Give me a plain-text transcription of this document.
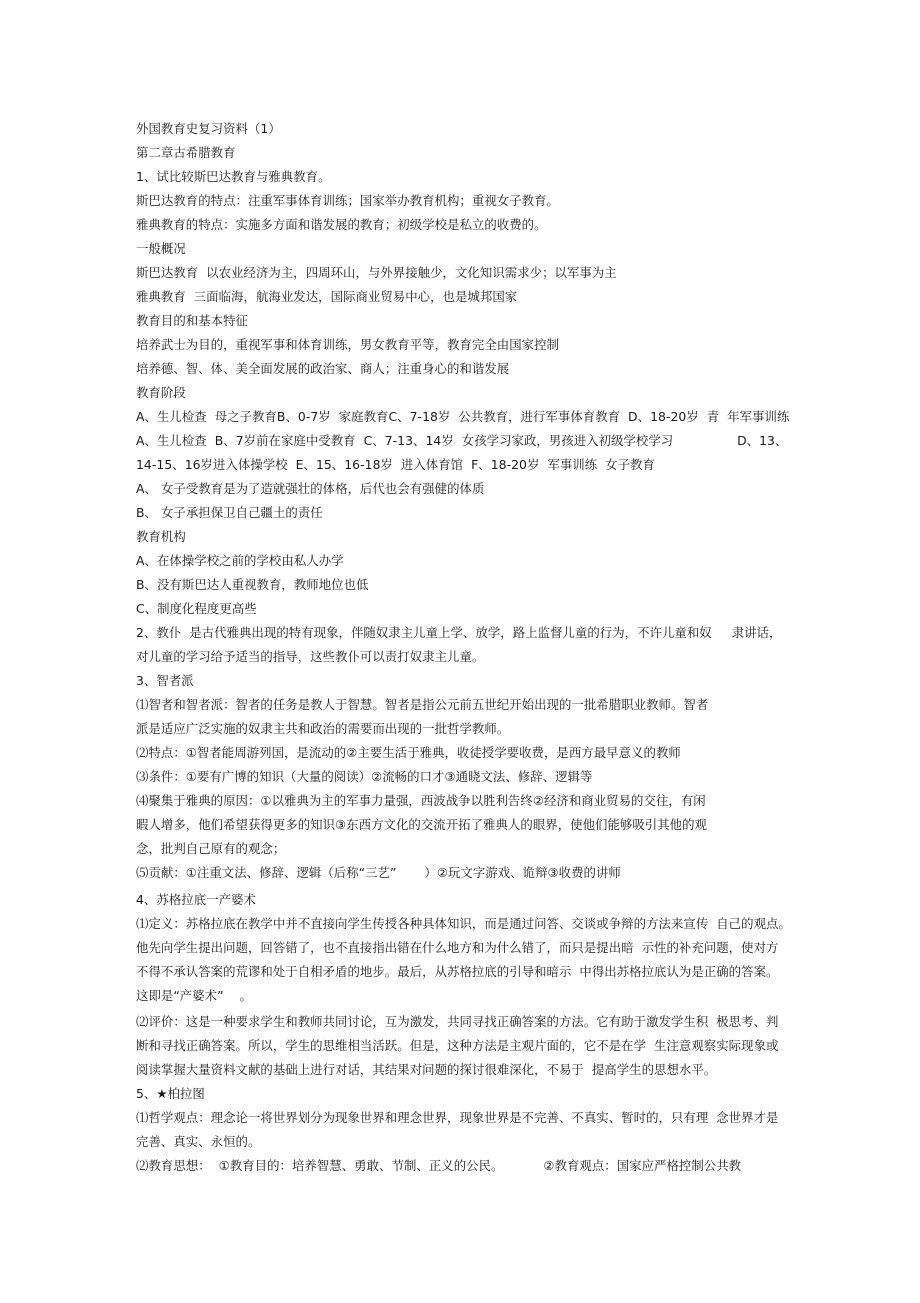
外国教育史复习资料（1）
第二章古希腊教育
1、试比较斯巴达教育与雅典教育。
斯巴达教育的特点：注重军事体育训练；国家举办教育机构；重视女子教育。
雅典教育的特点：实施多方面和谐发展的教育；初级学校是私立的收费的。
一般概况
斯巴达教育  以农业经济为主，四周环山，与外界接触少，文化知识需求少；以军事为主
雅典教育  三面临海，航海业发达，国际商业贸易中心，也是城邦国家
教育目的和基本特征
培养武士为目的，重视军事和体育训练，男女教育平等，教育完全由国家控制
培养德、智、体、美全面发展的政治家、商人；注重身心的和谐发展
教育阶段
A、生儿检查  母之子教育B、0-7岁  家庭教育C、7-18岁  公共教育，进行军事体育教育  D、18-20岁  青  年军事训练
A、生儿检查  B、7岁前在家庭中受教育  C、7-13、14岁  女孩学习家政，男孩进入初级学校学习                D、13、
14-15、16岁进入体操学校  E、15、16-18岁  进入体育馆  F、18-20岁  军事训练  女子教育
A、 女子受教育是为了造就强壮的体格，后代也会有强健的体质
B、 女子承担保卫自己疆土的责任
教育机构
A、在体操学校之前的学校由私人办学
B、没有斯巴达人重视教育，教师地位也低
C、制度化程度更高些
2、教仆  是古代雅典出现的特有现象，伴随奴隶主儿童上学、放学，路上监督儿童的行为，不许儿童和奴     隶讲话，
对儿童的学习给予适当的指导，这些教仆可以责打奴隶主儿童。
3、智者派
⑴智者和智者派：智者的任务是教人于智慧。智者是指公元前五世纪开始出现的一批希腊职业教师。智者
派是适应广泛实施的奴隶主共和政治的需要而出现的一批哲学教师。
⑵特点：①智者能周游列国，是流动的②主要生活于雅典，收徒授学要收费，是西方最早意义的教师
⑶条件：①要有广博的知识（大量的阅读）②流畅的口才③通晓文法、修辞、逻辑等
⑷聚集于雅典的原因：①以雅典为主的军事力量强，西波战争以胜利告终②经济和商业贸易的交往，有闲
暇人增多，他们希望获得更多的知识③东西方文化的交流开拓了雅典人的眼界，使他们能够吸引其他的观
念，批判自己原有的观念；
⑸贡献：①注重文法、修辞、逻辑（后称“三艺”       ）②玩文字游戏、诡辩③收费的讲师
4、苏格拉底一产婆术
⑴定义：苏格拉底在教学中并不直接向学生传授各种具体知识，而是通过问答、交谈或争辩的方法来宣传  自己的观点。
他先向学生提出问题，回答错了，也不直接指出错在什么地方和为什么错了，而只是提出暗  示性的补充问题，使对方
不得不承认答案的荒谬和处于自相矛盾的地步。最后，从苏格拉底的引导和暗示  中得出苏格拉底认为是正确的答案。
这即是“产婆术”    。
⑵评价：这是一种要求学生和教师共同讨论，互为激发，共同寻找正确答案的方法。它有助于激发学生积  极思考、判
断和寻找正确答案。所以，学生的思维相当活跃。但是，这种方法是主观片面的，它不是在学  生注意观察实际现象或
阅读掌握大量资料文献的基础上进行对话，其结果对问题的探讨很难深化，不易于  提高学生的思想水平。
5、★柏拉图
⑴哲学观点：理念论一将世界划分为现象世界和理念世界，现象世界是不完善、不真实、暂时的，只有理  念世界才是
完善、真实、永恒的。
⑵教育思想：  ①教育目的：培养智慧、勇敢、节制、正义的公民。          ②教育观点：国家应严格控制公共教
